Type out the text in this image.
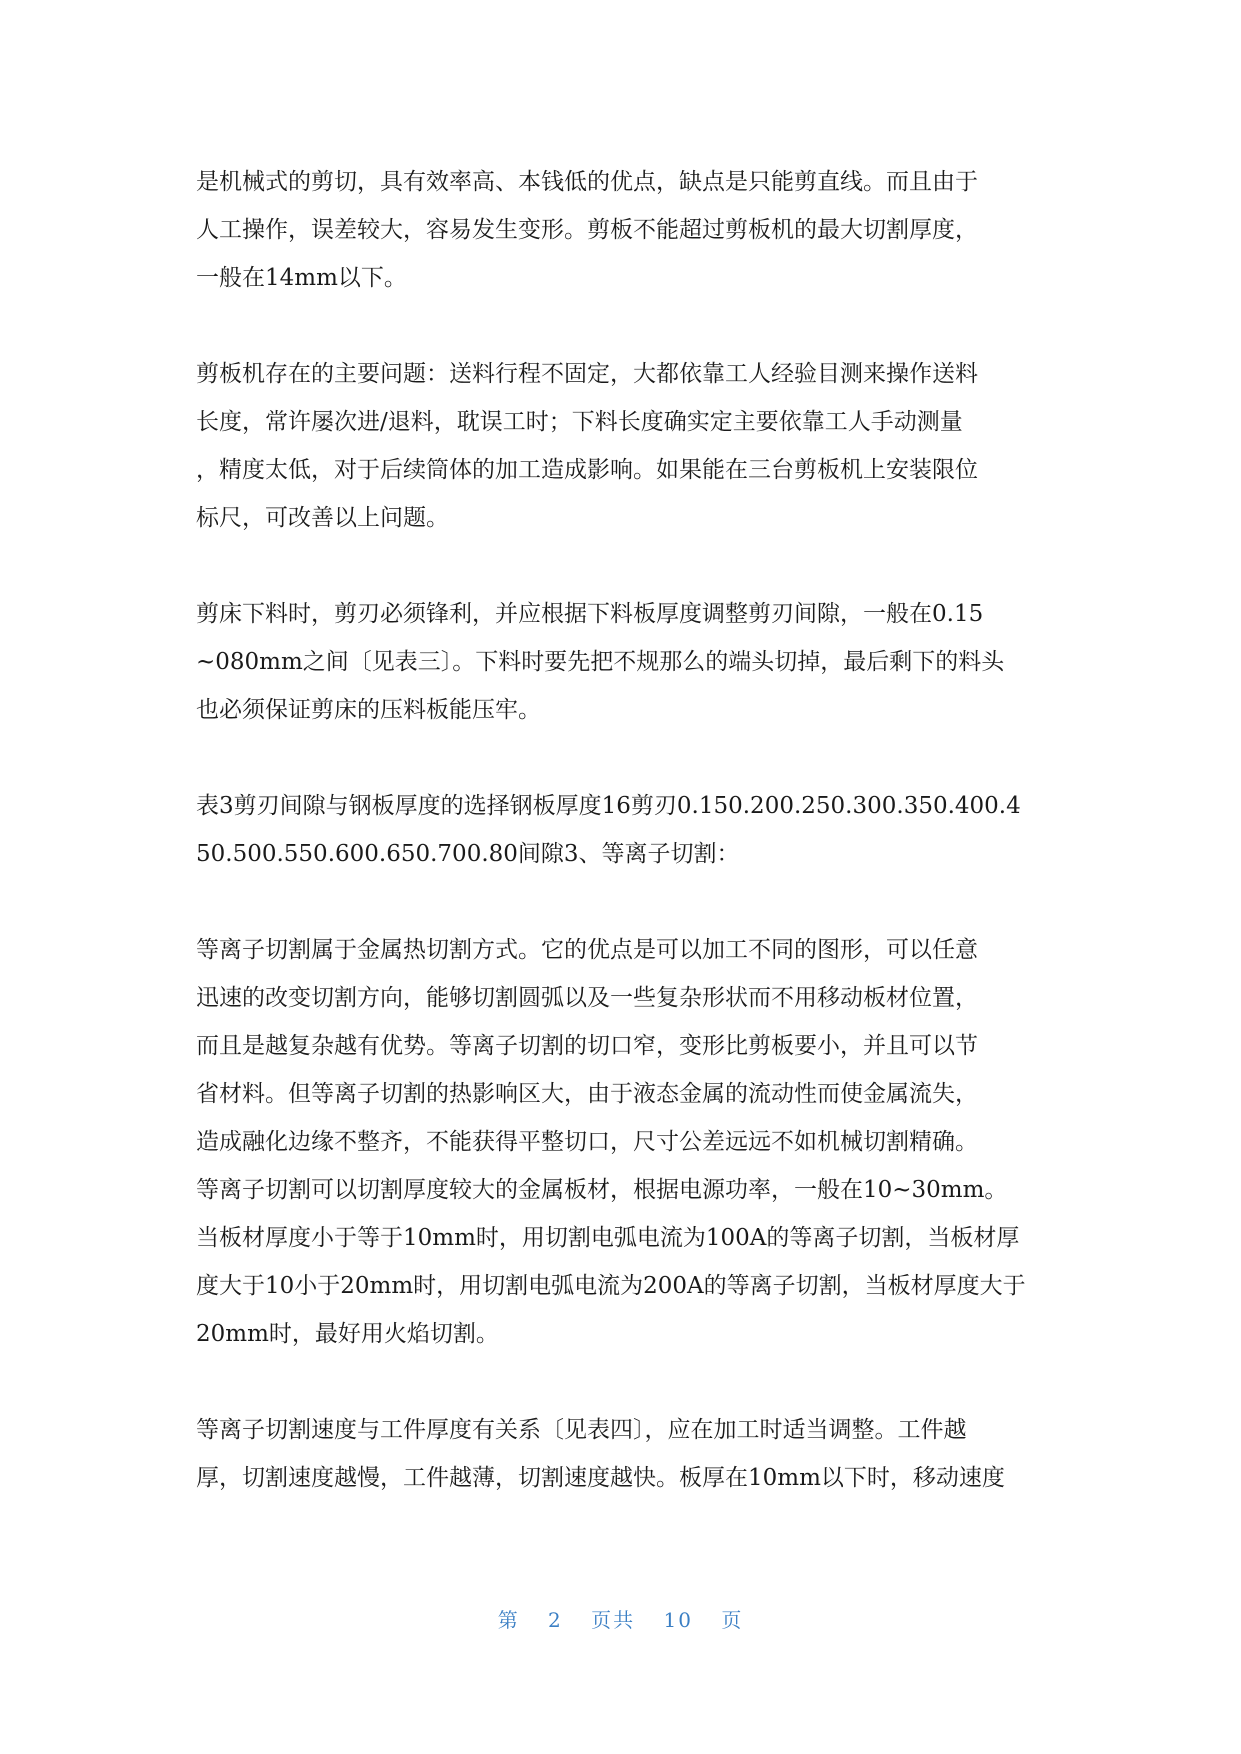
是机械式的剪切，具有效率高、本钱低的优点，缺点是只能剪直线。而且由于
人工操作，误差较大，容易发生变形。剪板不能超过剪板机的最大切割厚度，
一般在14mm以下。

剪板机存在的主要问题：送料行程不固定，大都依靠工人经验目测来操作送料
长度，常许屡次进/退料，耽误工时；下料长度确实定主要依靠工人手动测量
，精度太低，对于后续筒体的加工造成影响。如果能在三台剪板机上安装限位
标尺，可改善以上问题。

剪床下料时，剪刃必须锋利，并应根据下料板厚度调整剪刃间隙，一般在0.15
~080mm之间〔见表三〕。下料时要先把不规那么的端头切掉，最后剩下的料头
也必须保证剪床的压料板能压牢。

表3剪刃间隙与钢板厚度的选择钢板厚度16剪刃0.150.200.250.300.350.400.4
50.500.550.600.650.700.80间隙3、等离子切割：

等离子切割属于金属热切割方式。它的优点是可以加工不同的图形，可以任意
迅速的改变切割方向，能够切割圆弧以及一些复杂形状而不用移动板材位置，
而且是越复杂越有优势。等离子切割的切口窄，变形比剪板要小，并且可以节
省材料。但等离子切割的热影响区大，由于液态金属的流动性而使金属流失，
造成融化边缘不整齐，不能获得平整切口，尺寸公差远远不如机械切割精确。
等离子切割可以切割厚度较大的金属板材，根据电源功率，一般在10~30mm。
当板材厚度小于等于10mm时，用切割电弧电流为100A的等离子切割，当板材厚
度大于10小于20mm时，用切割电弧电流为200A的等离子切割，当板材厚度大于
20mm时，最好用火焰切割。

等离子切割速度与工件厚度有关系〔见表四〕，应在加工时适当调整。工件越
厚，切割速度越慢，工件越薄，切割速度越快。板厚在10mm以下时，移动速度

第 2 页共 10 页
